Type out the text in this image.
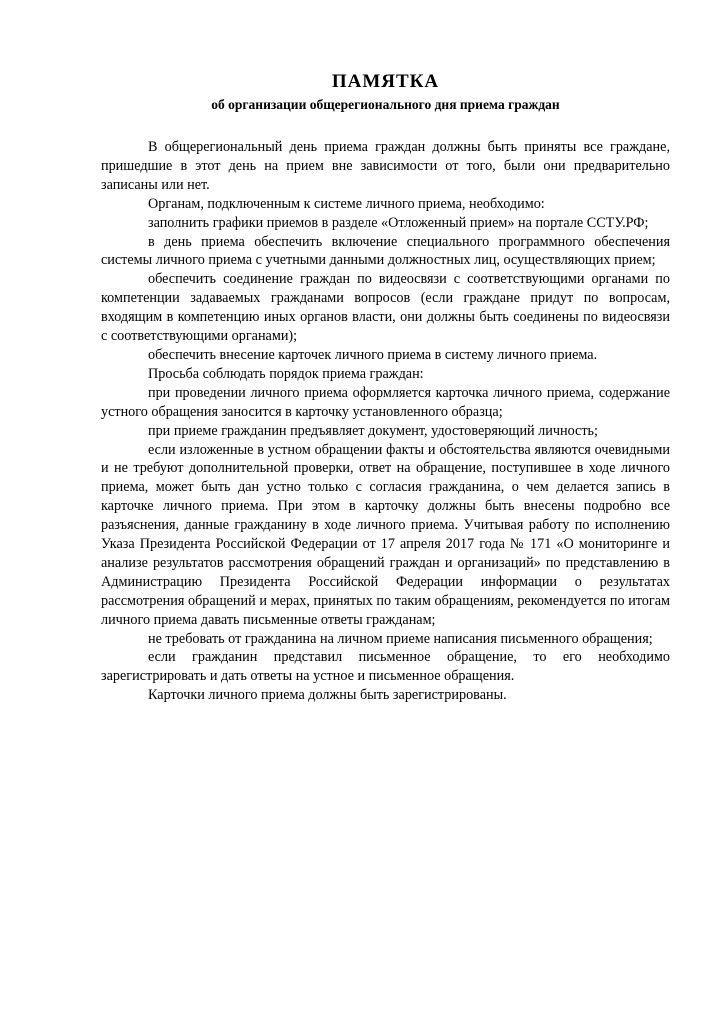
ПАМЯТКА
об организации общерегионального дня приема граждан

В общерегиональный день приема граждан должны быть приняты все граждане, пришедшие в этот день на прием вне зависимости от того, были они предварительно записаны или нет.

Органам, подключенным к системе личного приема, необходимо:

заполнить графики приемов в разделе «Отложенный прием» на портале ССТУ.РФ;

в день приема обеспечить включение специального программного обеспечения системы личного приема с учетными данными должностных лиц, осуществляющих прием;

обеспечить соединение граждан по видеосвязи с соответствующими органами по компетенции задаваемых гражданами вопросов (если граждане придут по вопросам, входящим в компетенцию иных органов власти, они должны быть соединены по видеосвязи с соответствующими органами);

обеспечить внесение карточек личного приема в систему личного приема.

Просьба соблюдать порядок приема граждан:

при проведении личного приема оформляется карточка личного приема, содержание устного обращения заносится в карточку установленного образца;

при приеме гражданин предъявляет документ, удостоверяющий личность;

если изложенные в устном обращении факты и обстоятельства являются очевидными и не требуют дополнительной проверки, ответ на обращение, поступившее в ходе личного приема, может быть дан устно только с согласия гражданина, о чем делается запись в карточке личного приема. При этом в карточку должны быть внесены подробно все разъяснения, данные гражданину в ходе личного приема. Учитывая работу по исполнению Указа Президента Российской Федерации от 17 апреля 2017 года № 171 «О мониторинге и анализе результатов рассмотрения обращений граждан и организаций» по представлению в Администрацию Президента Российской Федерации информации о результатах рассмотрения обращений и мерах, принятых по таким обращениям, рекомендуется по итогам личного приема давать письменные ответы гражданам;

не требовать от гражданина на личном приеме написания письменного обращения;

если гражданин представил письменное обращение, то его необходимо зарегистрировать и дать ответы на устное и письменное обращения.

Карточки личного приема должны быть зарегистрированы.
